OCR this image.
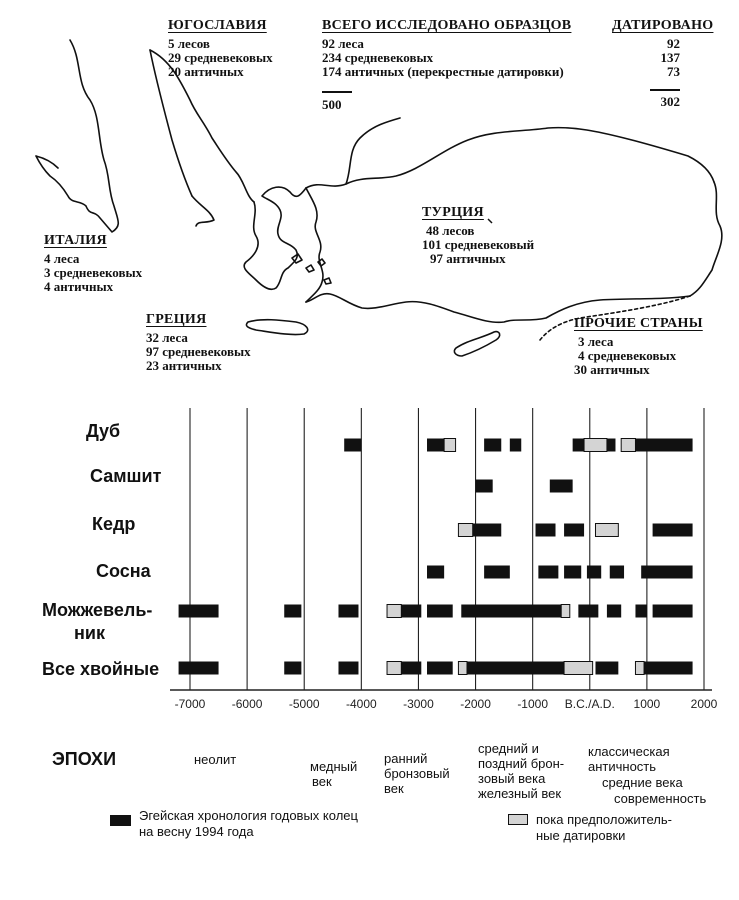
ЮГОСЛАВИЯ
5 лесов
29 средневековых
20 античных
ВСЕГО ИССЛЕДОВАНО ОБРАЗЦОВ
92 леса
234 средневековых
174 античных (перекрестные датировки)
500
ДАТИРОВАНО
92
137
73
302
ИТАЛИЯ
4 леса
3 средневековых
4 античных
ТУРЦИЯ
48 лесов
101 средневековый
97 античных
ГРЕЦИЯ
32 леса
97 средневековых
23 античных
ПРОЧИЕ СТРАНЫ
3 леса
4 средневековых
30 античных
Дуб
Самшит
Кедр
Сосна
Можжевель-
ник
Все хвойные
-7000 -6000 -5000 -4000 -3000 -2000 -1000 B.C./A.D. 1000	2000
ЭПОХИ	неолит	медный
век
ранний
бронзовый
век
средний и
поздний брон-
зовый века
железный век
классическая
античность
средние века
современность
Эгейская хронология годовых колец
на весну 1994 года
пока предположитель-
ные датировки
